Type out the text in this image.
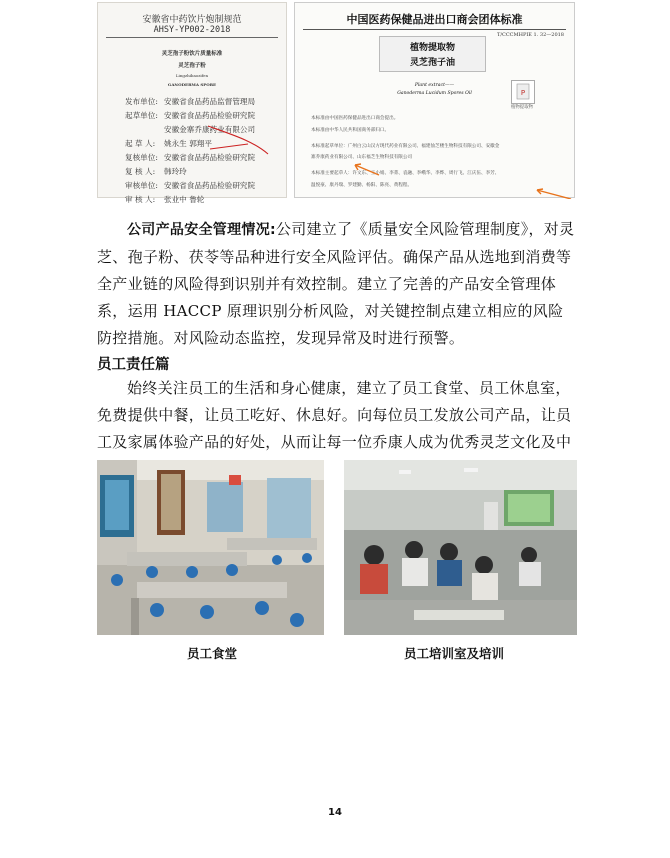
安徽省中药饮片炮制规范
AHSY-YP002-2018
灵芝孢子粉饮片质量标准
灵芝孢子粉
Lingzhibaozifen
GANODERMA SPORE
发布单位: 安徽省食品药品监督管理局
起草单位: 安徽省食品药品检验研究院
安徽金寨乔康药业有限公司
起 草 人: 姚永生 郭翔平
复核单位: 安徽省食品药品检验研究院
复 核 人: 韩玲玲
审核单位: 安徽省食品药品检验研究院
审 核 人: 张业中 鲁轮
中国医药保健品进出口商会团体标准
T/CCCMHPIE 1. 32—2018
植物提取物
灵芝孢子油
Plant extract——
Ganoderma Lucidum Spores Oil	P
植物提取物
本标准由中国医药保健品进出口商会提出。
本标准由中华人民共和国商务部归口。
本标准起草单位：广州白云山汉方现代药业有限公司、福建仙芝楼生物科技有限公司、安徽金
寨乔康药业有限公司、山东福芝生物科技有限公司
本标准主要起草人：许文东、王小娟、李菁、袁融、李峨华、李烨、周行飞、江庆伍、李芳、
温悦豪、康丹瑞、罗建勤、杨阳、陈亮、黄程程。
公司产品安全管理情况:公司建立了《质量安全风险管理制度》，对灵芝、孢子粉、茯苓等品种进行安全风险评估。确保产品从选地到消费等全产业链的风险得到识别并有效控制。建立了完善的产品安全管理体系，运用 HACCP 原理识别分析风险，对关键控制点建立相应的风险防控措施。对风险动态监控，发现异常及时进行预警。
员工责任篇
始终关注员工的生活和身心健康，建立了员工食堂、员工休息室，免费提供中餐，让员工吃好、休息好。向每位员工发放公司产品，让员工及家属体验产品的好处，从而让每一位乔康人成为优秀灵芝文化及中
员工食堂	员工培训室及培训
14
